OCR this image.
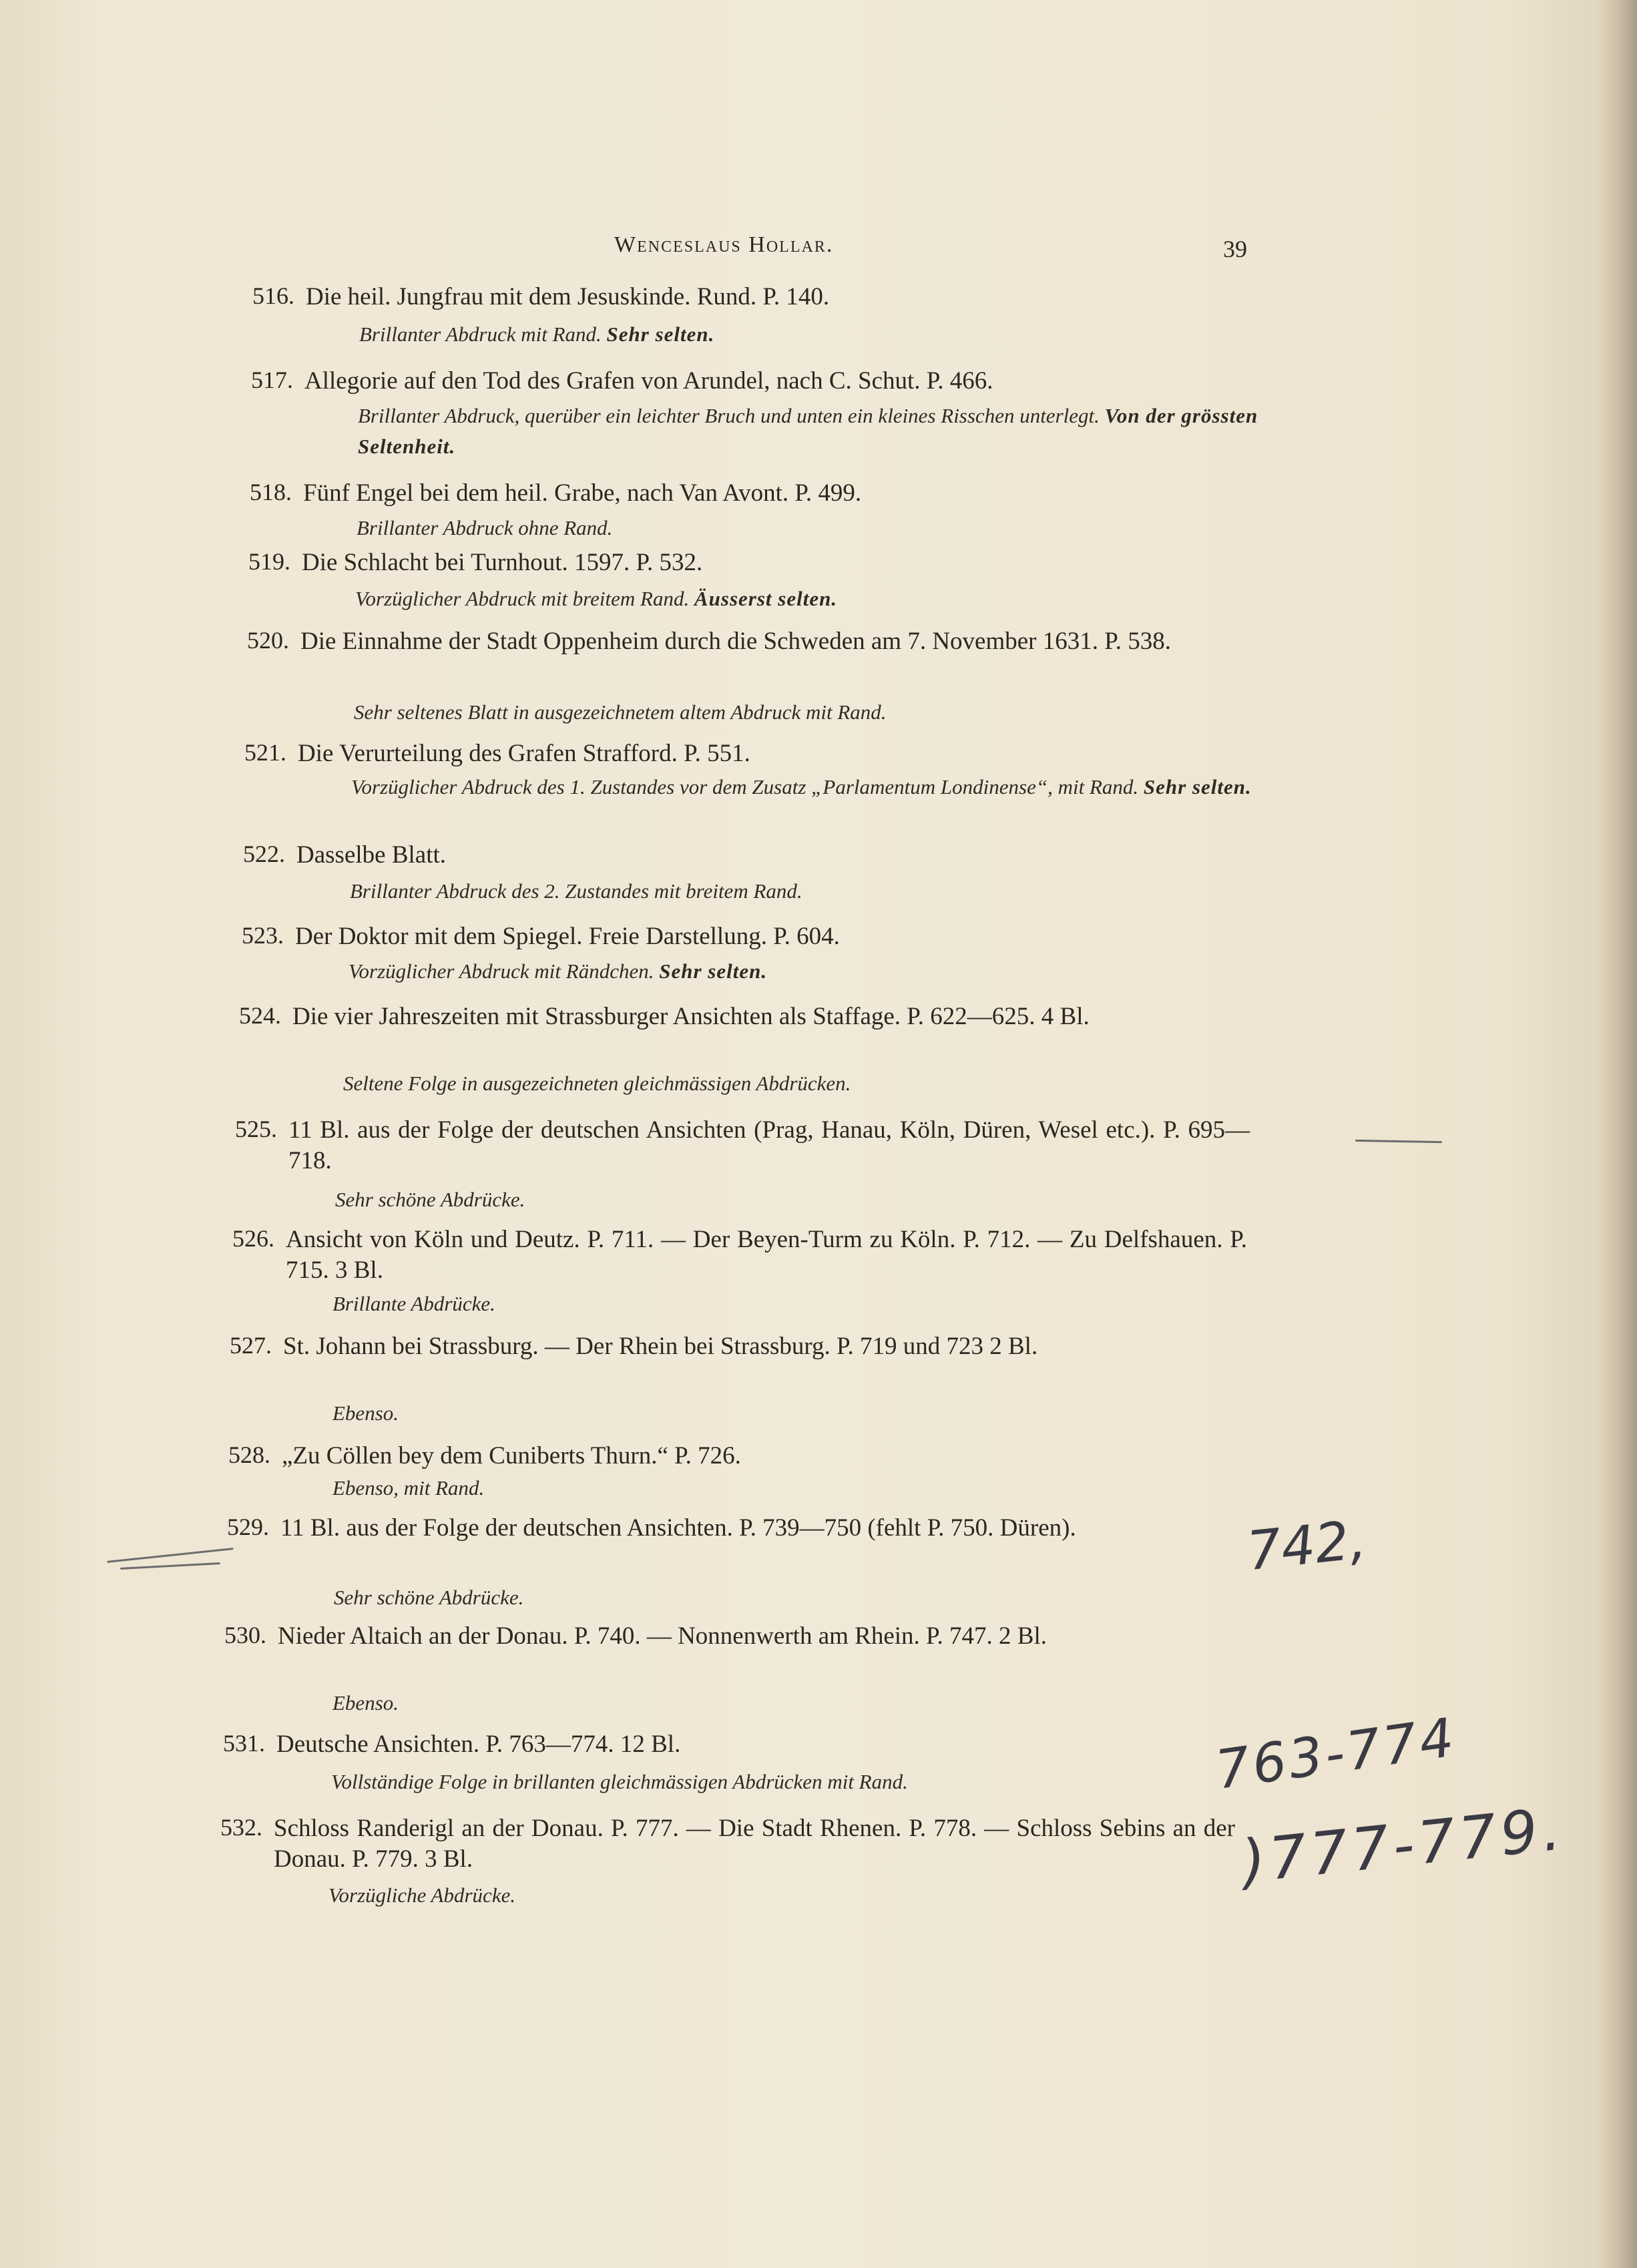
Wenceslaus Hollar.	39
516. Die heil. Jungfrau mit dem Jesuskinde. Rund. P. 140.
Brillanter Abdruck mit Rand. Sehr selten.
517. Allegorie auf den Tod des Grafen von Arundel, nach C. Schut. P. 466.
Brillanter Abdruck, querüber ein leichter Bruch und unten ein kleines Risschen unterlegt. Von der grössten Seltenheit.
518. Fünf Engel bei dem heil. Grabe, nach Van Avont. P. 499.
Brillanter Abdruck ohne Rand.
519. Die Schlacht bei Turnhout. 1597. P. 532.
Vorzüglicher Abdruck mit breitem Rand. Äusserst selten.
520. Die Einnahme der Stadt Oppenheim durch die Schweden am 7. November 1631. P. 538.
Sehr seltenes Blatt in ausgezeichnetem altem Abdruck mit Rand.
521. Die Verurteilung des Grafen Strafford. P. 551.
Vorzüglicher Abdruck des 1. Zustandes vor dem Zusatz „Parlamentum Londinense“, mit Rand. Sehr selten.
522. Dasselbe Blatt.
Brillanter Abdruck des 2. Zustandes mit breitem Rand.
523. Der Doktor mit dem Spiegel. Freie Darstellung. P. 604.
Vorzüglicher Abdruck mit Rändchen. Sehr selten.
524. Die vier Jahreszeiten mit Strassburger Ansichten als Staffage. P. 622—625. 4 Bl.
Seltene Folge in ausgezeichneten gleichmässigen Abdrücken.
525. 11 Bl. aus der Folge der deutschen Ansichten (Prag, Hanau, Köln, Düren, Wesel etc.). P. 695—718.
Sehr schöne Abdrücke.
526. Ansicht von Köln und Deutz. P. 711. — Der Beyen-Turm zu Köln. P. 712. — Zu Delfshauen. P. 715. 3 Bl.
Brillante Abdrücke.
527. St. Johann bei Strassburg. — Der Rhein bei Strassburg. P. 719 und 723 2 Bl.
Ebenso.
528. „Zu Cöllen bey dem Cuniberts Thurn.“ P. 726.
Ebenso, mit Rand.
529. 11 Bl. aus der Folge der deutschen Ansichten. P. 739—750 (fehlt P. 750. Düren).
Sehr schöne Abdrücke.
530. Nieder Altaich an der Donau. P. 740. — Nonnenwerth am Rhein. P. 747. 2 Bl.
Ebenso.
531. Deutsche Ansichten. P. 763—774. 12 Bl.
Vollständige Folge in brillanten gleichmässigen Abdrücken mit Rand.
532. Schloss Randerigl an der Donau. P. 777. — Die Stadt Rhenen. P. 778. — Schloss Sebins an der Donau. P. 779. 3 Bl.
Vorzügliche Abdrücke.
742,
763-774
)777-779.
